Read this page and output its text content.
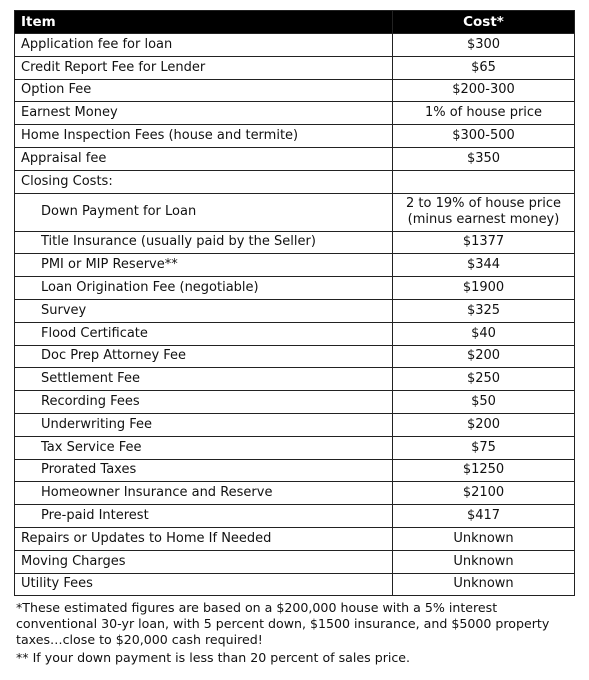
Item	Cost*
Application fee for loan	$300
Credit Report Fee for Lender	$65
Option Fee	$200-300
Earnest Money	1% of house price
Home Inspection Fees (house and termite)	$300-500
Appraisal fee	$350
Closing Costs:	
Down Payment for Loan	2 to 19% of house price (minus earnest money)
Title Insurance (usually paid by the Seller)	$1377
PMI or MIP Reserve**	$344
Loan Origination Fee (negotiable)	$1900
Survey	$325
Flood Certificate	$40
Doc Prep Attorney Fee	$200
Settlement Fee	$250
Recording Fees	$50
Underwriting Fee	$200
Tax Service Fee	$75
Prorated Taxes	$1250
Homeowner Insurance and Reserve	$2100
Pre-paid Interest	$417
Repairs or Updates to Home If Needed	Unknown
Moving Charges	Unknown
Utility Fees	Unknown

*These estimated figures are based on a $200,000 house with a 5% interest conventional 30-yr loan, with 5 percent down, $1500 insurance, and $5000 property taxes…close to $20,000 cash required!

** If your down payment is less than 20 percent of sales price.
